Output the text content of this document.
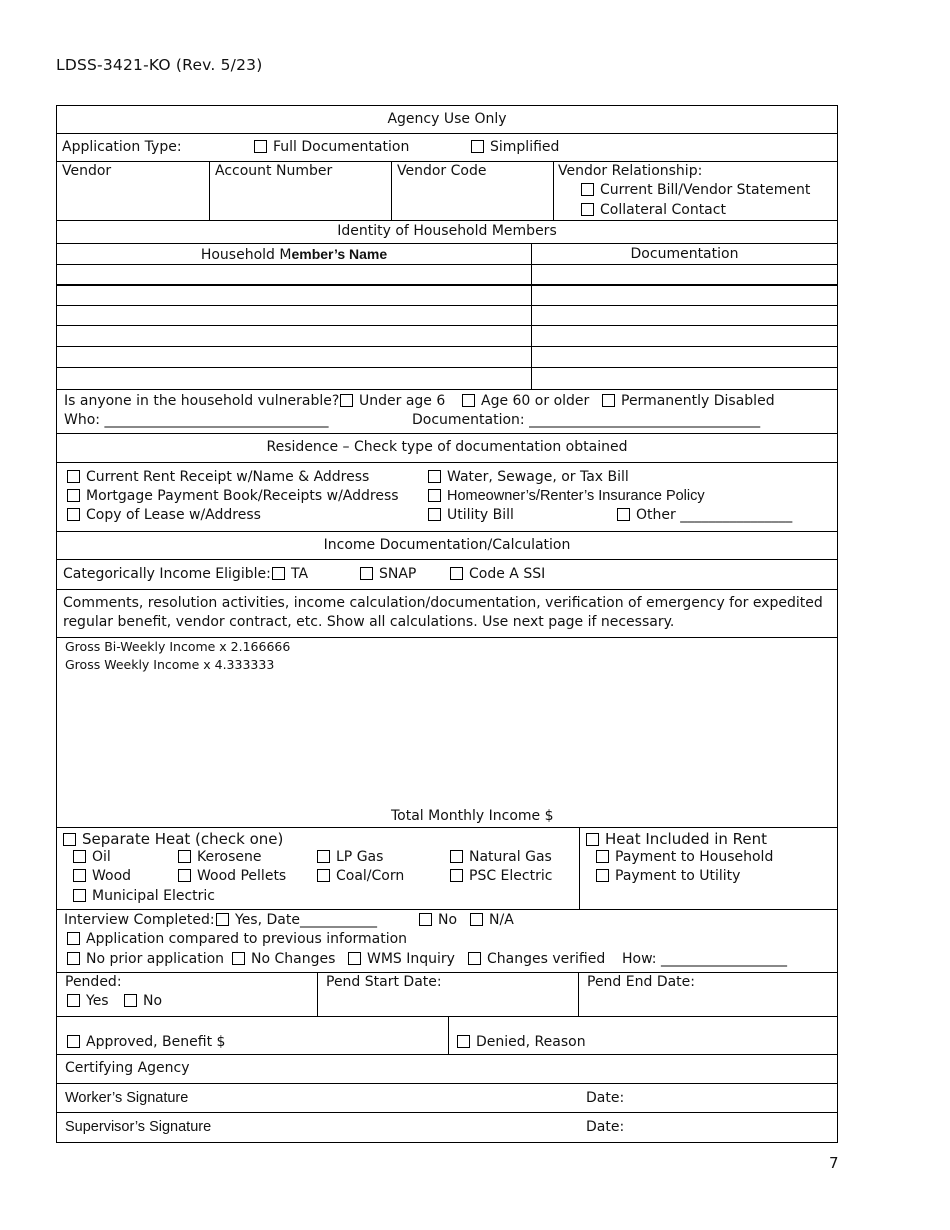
LDSS-3421-KO (Rev. 5/23)
Agency Use Only
Application Type:	Full Documentation	Simplified
Vendor	Account Number	Vendor Code	Vendor Relationship:
Current Bill/Vendor Statement
Collateral Contact
Identity of Household Members
Household Member’s Name	Documentation
Is anyone in the household vulnerable?	Under age 6	Age 60 or older	Permanently Disabled
Who: ________________________________	Documentation: _________________________________
Residence – Check type of documentation obtained
Current Rent Receipt w/Name & Address
Mortgage Payment Book/Receipts w/Address
Copy of Lease w/Address
Water, Sewage, or Tax Bill
Homeowner’s/Renter’s Insurance Policy
Utility Bill	Other ________________
Income Documentation/Calculation
Categorically Income Eligible:	TA	SNAP	Code A SSI
Comments, resolution activities, income calculation/documentation, verification of emergency for expedited
regular benefit, vendor contract, etc. Show all calculations. Use next page if necessary.
Gross Bi-Weekly Income x 2.166666
Gross Weekly Income x 4.333333
Total Monthly Income $
Separate Heat (check one)
Oil	Kerosene	LP Gas	Natural Gas
Wood	Wood Pellets	Coal/Corn	PSC Electric
Municipal Electric
Heat Included in Rent
Payment to Household
Payment to Utility
Interview Completed:	Yes, Date___________	No	N/A
Application compared to previous information
No prior application	No Changes	WMS Inquiry	Changes verified How: __________________
Pended:
Yes	No
Pend Start Date:	Pend End Date:
Approved, Benefit $	Denied, Reason
Certifying Agency
Worker’s Signature	Date:
Supervisor’s Signature	Date:
7
